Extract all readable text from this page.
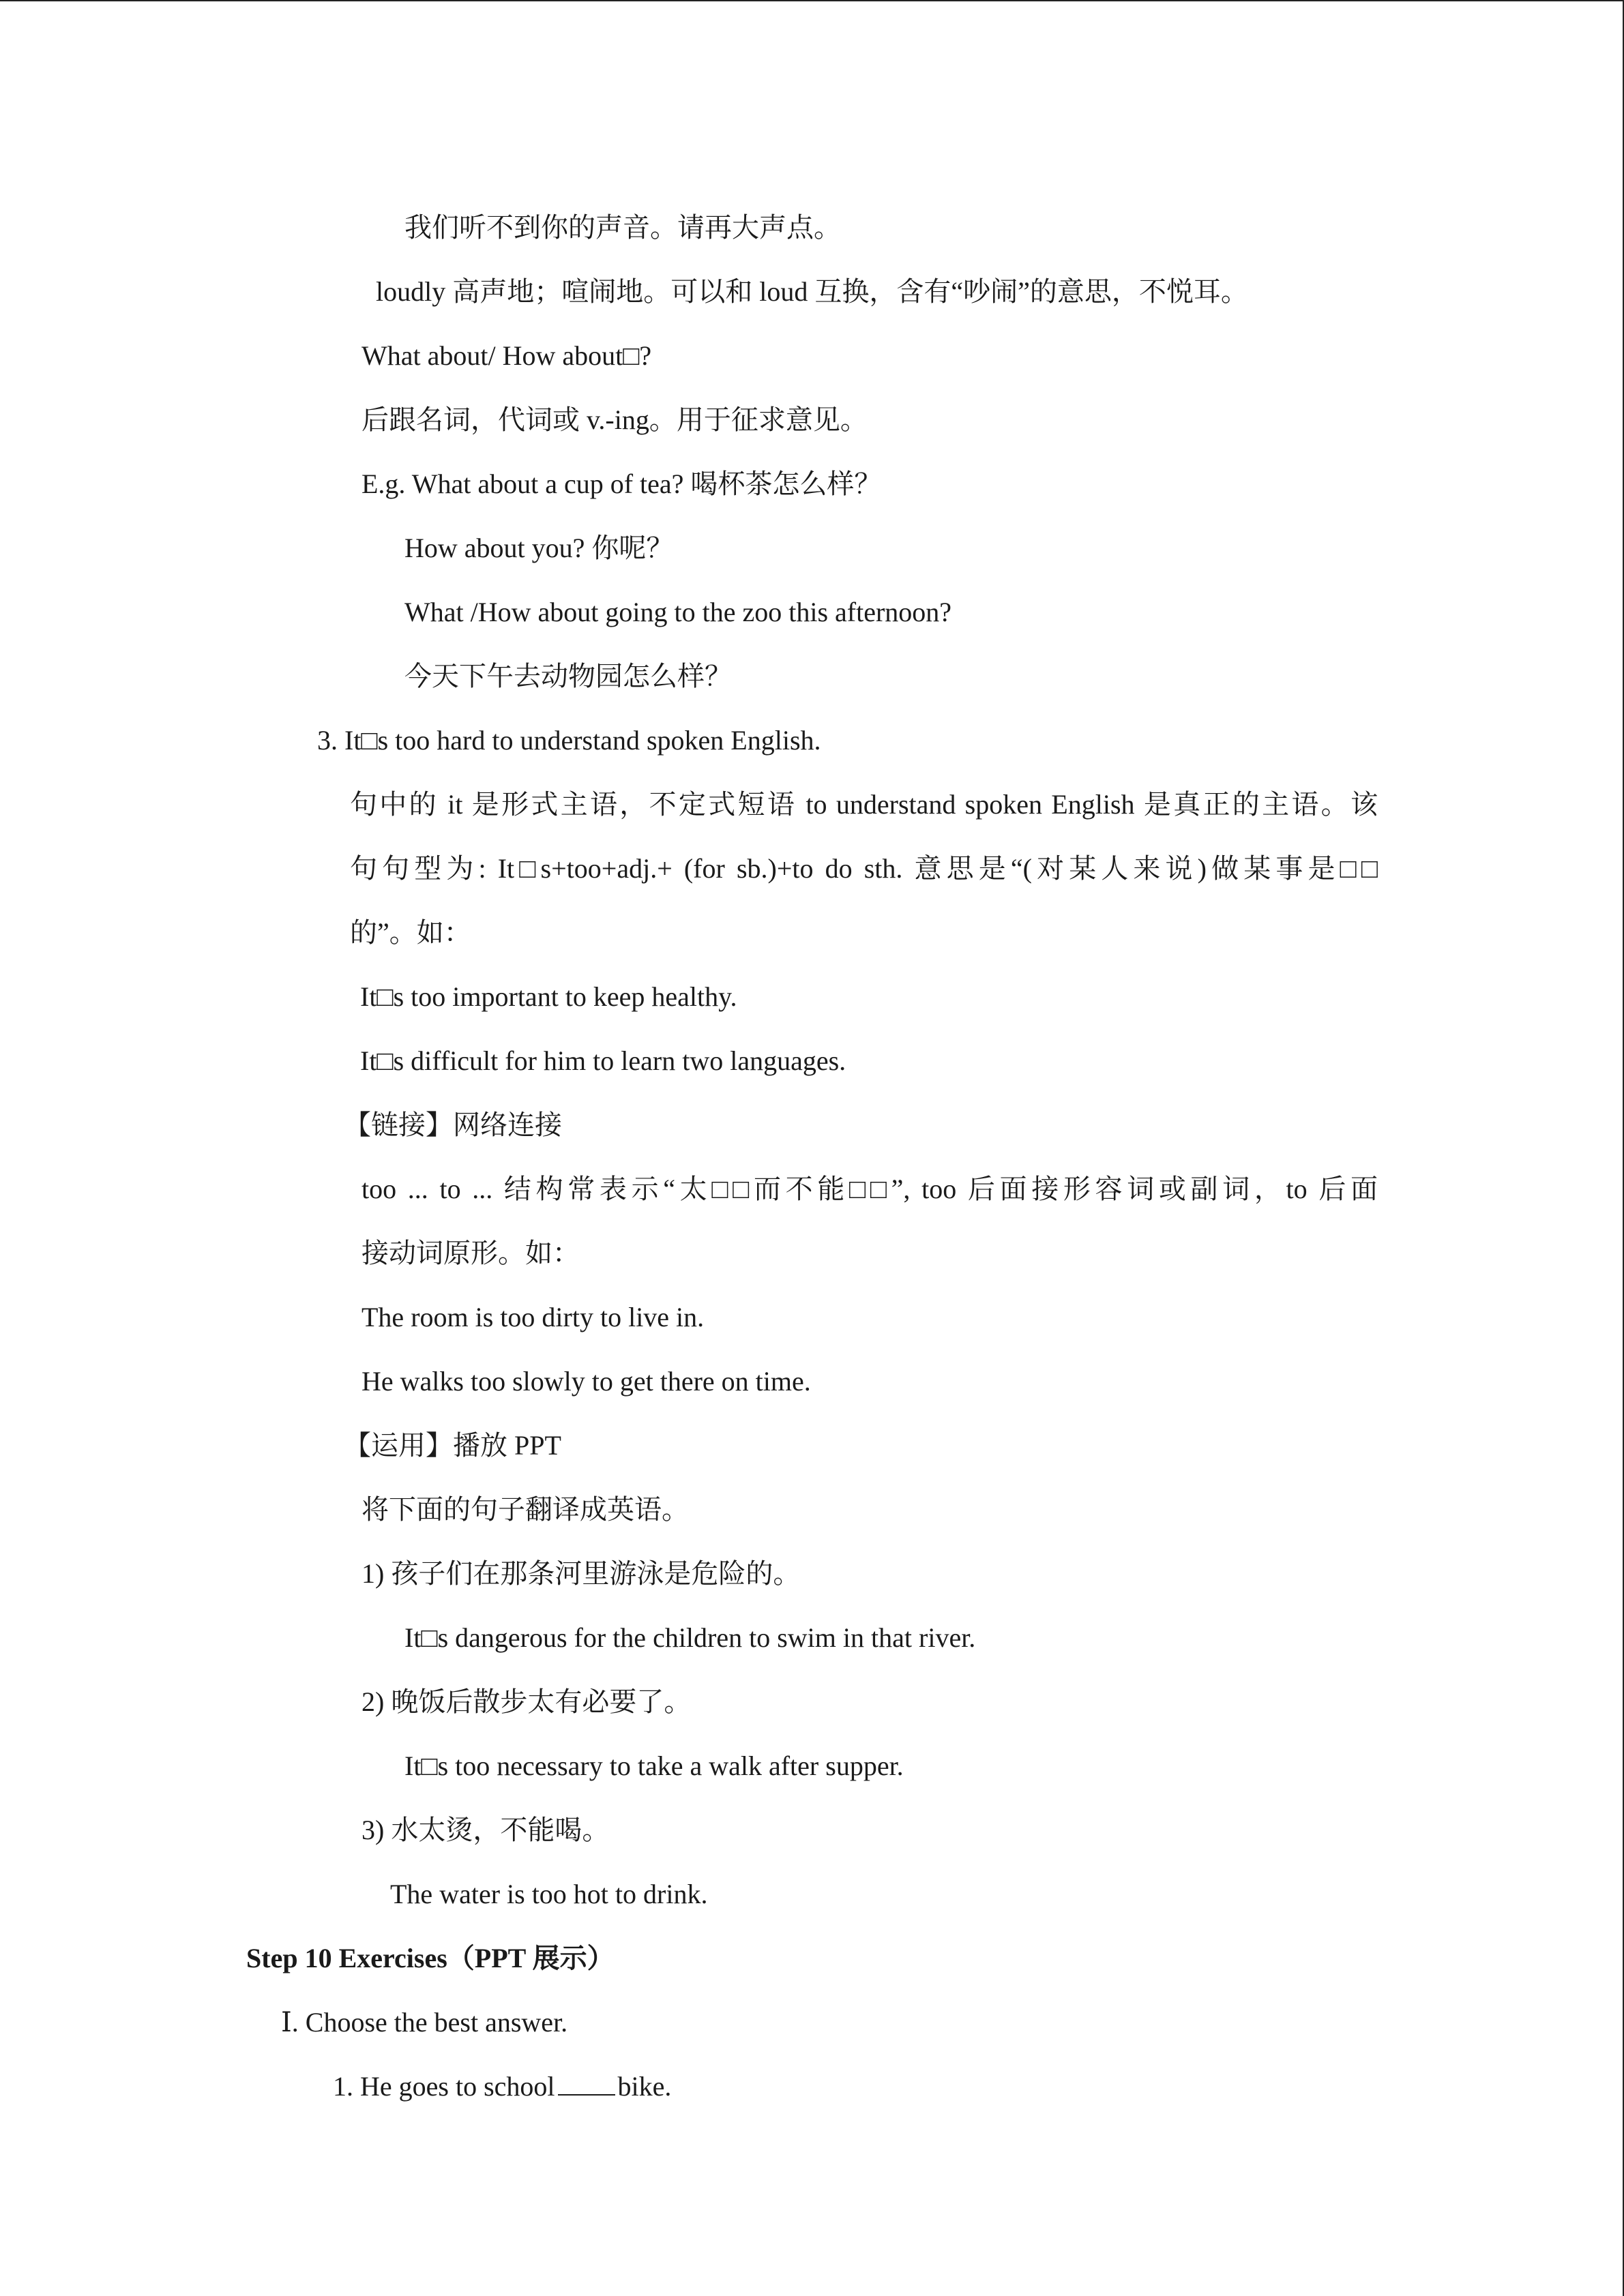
我们听不到你的声音。请再大声点。
loudly 高声地；喧闹地。可以和 loud 互换，含有“吵闹”的意思，不悦耳。
What about/ How about□?
后跟名词，代词或 v.-ing。用于征求意见。
E.g. What about a cup of tea? 喝杯茶怎么样？
How about you? 你呢？
What /How about going to the zoo this afternoon?
今天下午去动物园怎么样？
3. It□s too hard to understand spoken English.
句中的 it 是形式主语，不定式短语 to understand spoken English 是真正的主语。该
句句型为: It□s+too+adj.+ (for sb.)+to do sth. 意思是“(对某人来说)做某事是□□
的”。如：
It□s too important to keep healthy.
It□s difficult for him to learn two languages.
【链接】网络连接
too ... to ... 结构常表示“太□□而不能□□”, too 后面接形容词或副词，to 后面
接动词原形。如：
The room is too dirty to live in.
He walks too slowly to get there on time.
【运用】播放 PPT
将下面的句子翻译成英语。
1) 孩子们在那条河里游泳是危险的。
It□s dangerous for the children to swim in that river.
2) 晚饭后散步太有必要了。
It□s too necessary to take a walk after supper.
3) 水太烫，不能喝。
The water is too hot to drink.
Step 10 Exercises（PPT 展示）
Ⅰ. Choose the best answer.
1. He goes to school bike.
